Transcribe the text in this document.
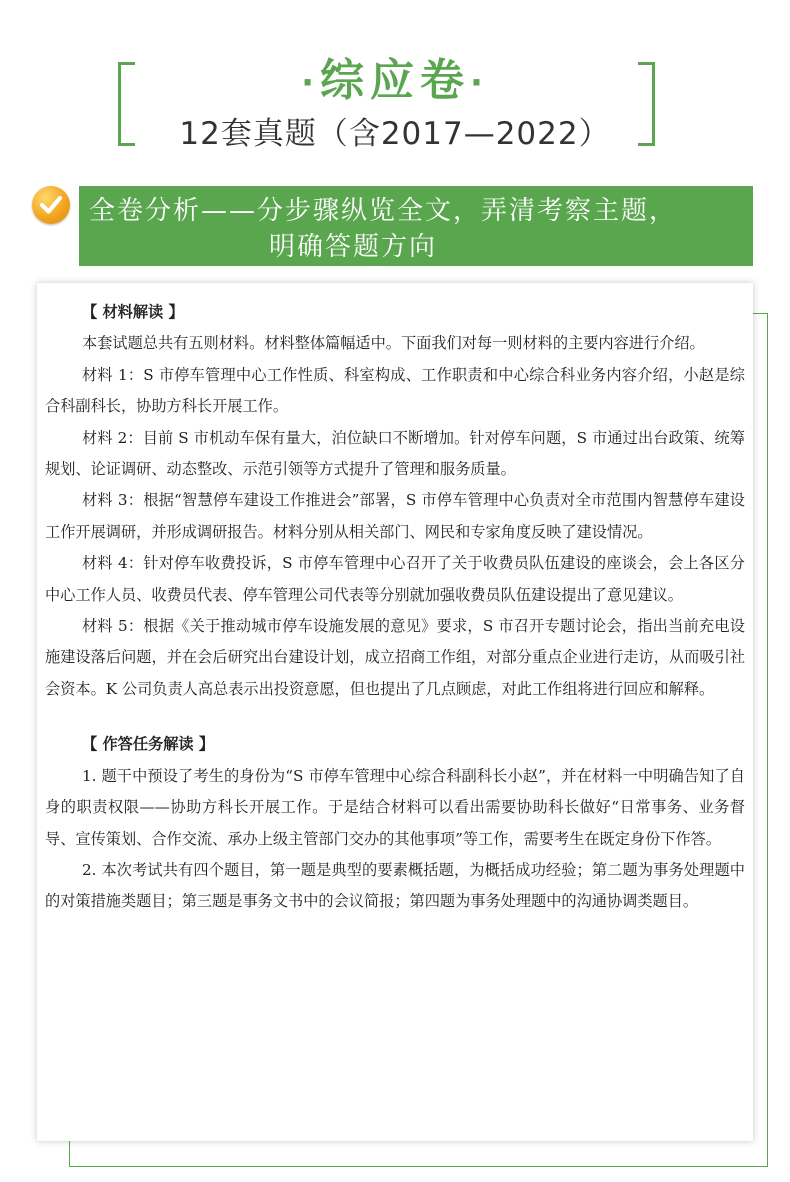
·综应卷·
12套真题（含2017—2022）
全卷分析——分步骤纵览全文，弄清考察主题，
明确答题方向

【 材料解读 】

本套试题总共有五则材料。材料整体篇幅适中。下面我们对每一则材料的主要内容进行介绍。

材料 1：S 市停车管理中心工作性质、科室构成、工作职责和中心综合科业务内容介绍，小赵是综合科副科长，协助方科长开展工作。

材料 2：目前 S 市机动车保有量大，泊位缺口不断增加。针对停车问题，S 市通过出台政策、统筹规划、论证调研、动态整改、示范引领等方式提升了管理和服务质量。

材料 3：根据“智慧停车建设工作推进会”部署，S 市停车管理中心负责对全市范围内智慧停车建设工作开展调研，并形成调研报告。材料分别从相关部门、网民和专家角度反映了建设情况。

材料 4：针对停车收费投诉，S 市停车管理中心召开了关于收费员队伍建设的座谈会，会上各区分中心工作人员、收费员代表、停车管理公司代表等分别就加强收费员队伍建设提出了意见建议。

材料 5：根据《关于推动城市停车设施发展的意见》要求，S 市召开专题讨论会，指出当前充电设施建设落后问题，并在会后研究出台建设计划，成立招商工作组，对部分重点企业进行走访，从而吸引社会资本。K 公司负责人高总表示出投资意愿，但也提出了几点顾虑，对此工作组将进行回应和解释。

【 作答任务解读 】

1. 题干中预设了考生的身份为“S 市停车管理中心综合科副科长小赵”，并在材料一中明确告知了自身的职责权限——协助方科长开展工作。于是结合材料可以看出需要协助科长做好“日常事务、业务督导、宣传策划、合作交流、承办上级主管部门交办的其他事项”等工作，需要考生在既定身份下作答。

2. 本次考试共有四个题目，第一题是典型的要素概括题，为概括成功经验；第二题为事务处理题中的对策措施类题目；第三题是事务文书中的会议简报；第四题为事务处理题中的沟通协调类题目。
